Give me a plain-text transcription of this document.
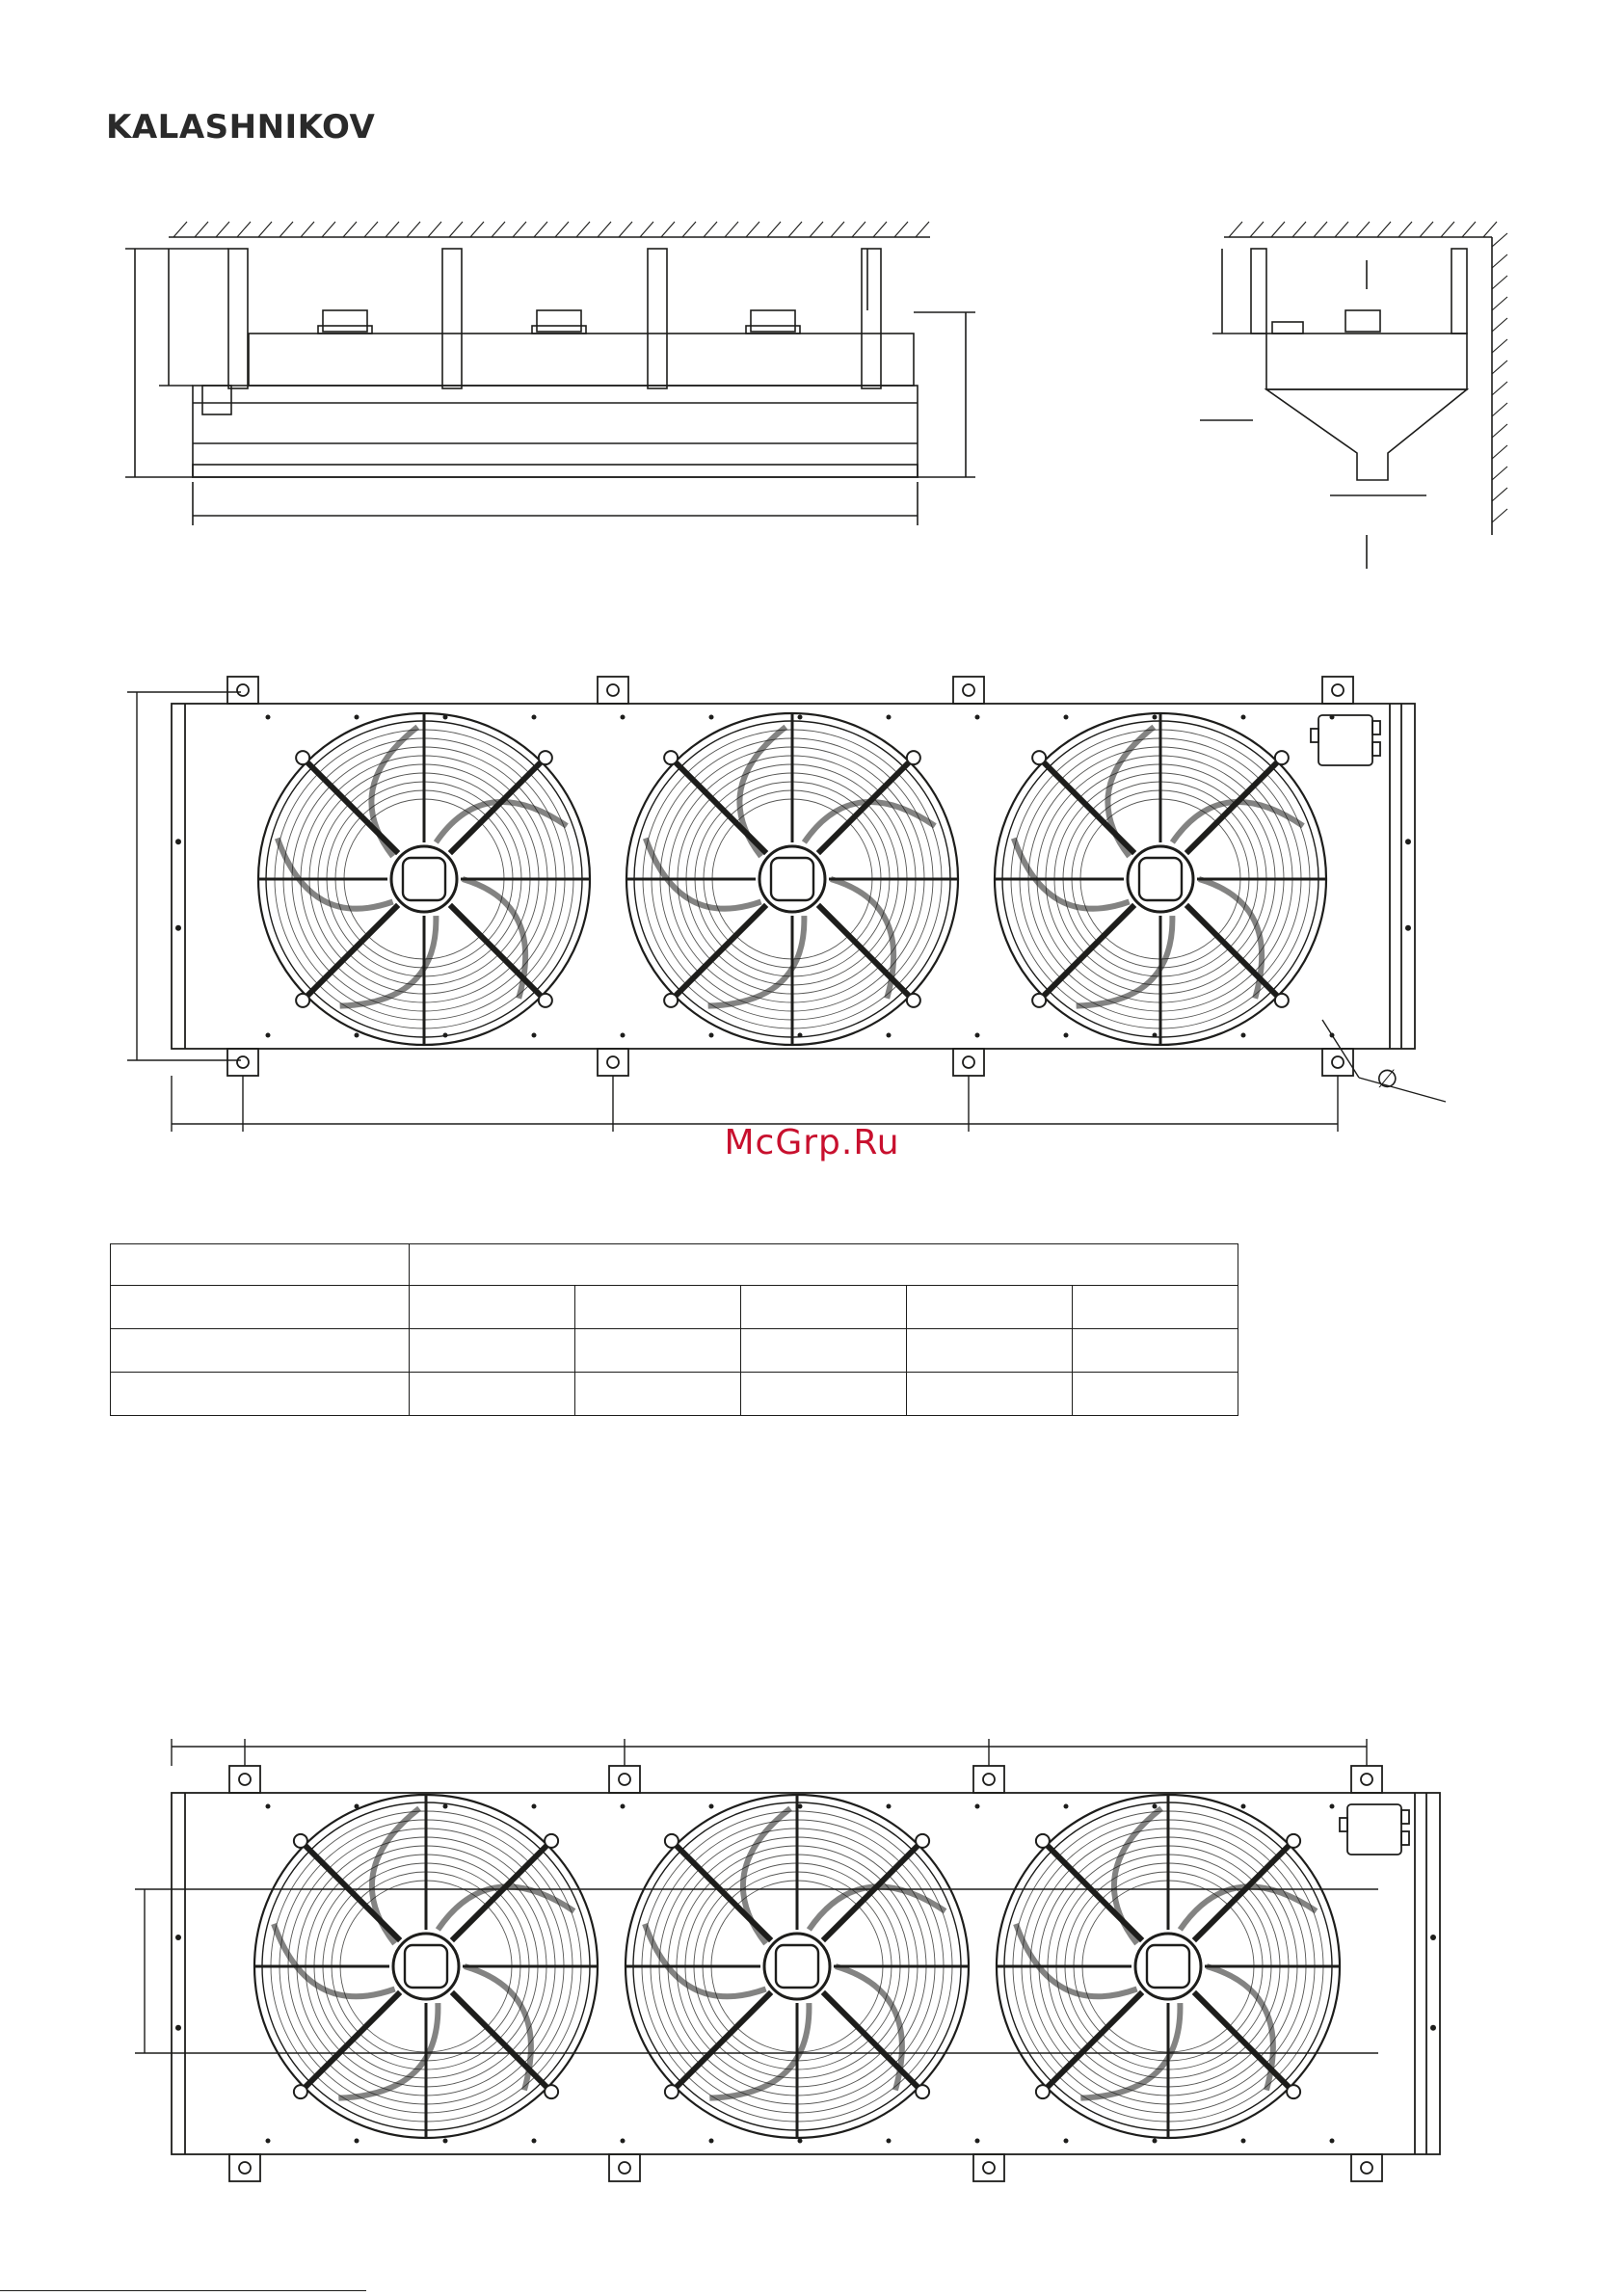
KALASHNIKOV
∅
McGrp.Ru
